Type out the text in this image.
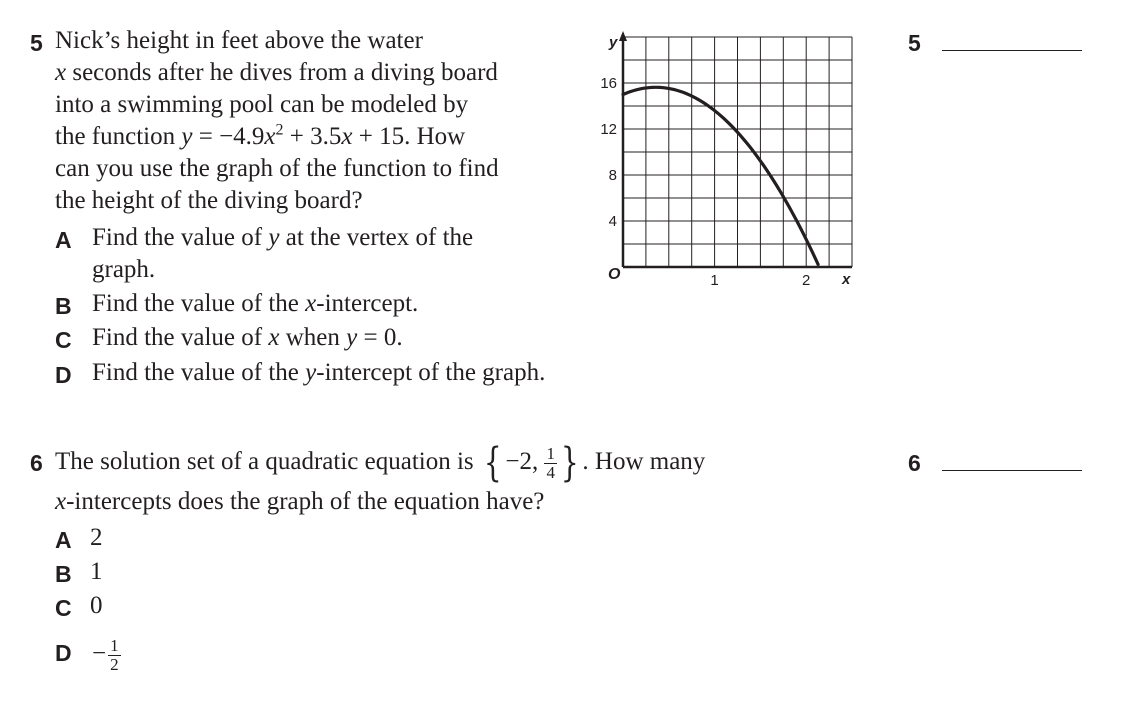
5 Nick’s height in feet above the water
x seconds after he dives from a diving board
into a swimming pool can be modeled by
the function $y = -4.9x^2 + 3.5x + 15$. How
can you use the graph of the function to find
the height of the diving board?
A Find the value of y at the vertex of the
graph.
B Find the value of the x-intercept.
C Find the value of x when y = 0.
D Find the value of the y-intercept of the graph.
5
y
x
O	1	2
4
8
12
16
6 The solution set of a quadratic equation is { −2, $\frac{1}{4}$ } . How many
x-intercepts does the graph of the equation have?
A 2
B 1
C 0
$D - \frac{1}{2}$
6
